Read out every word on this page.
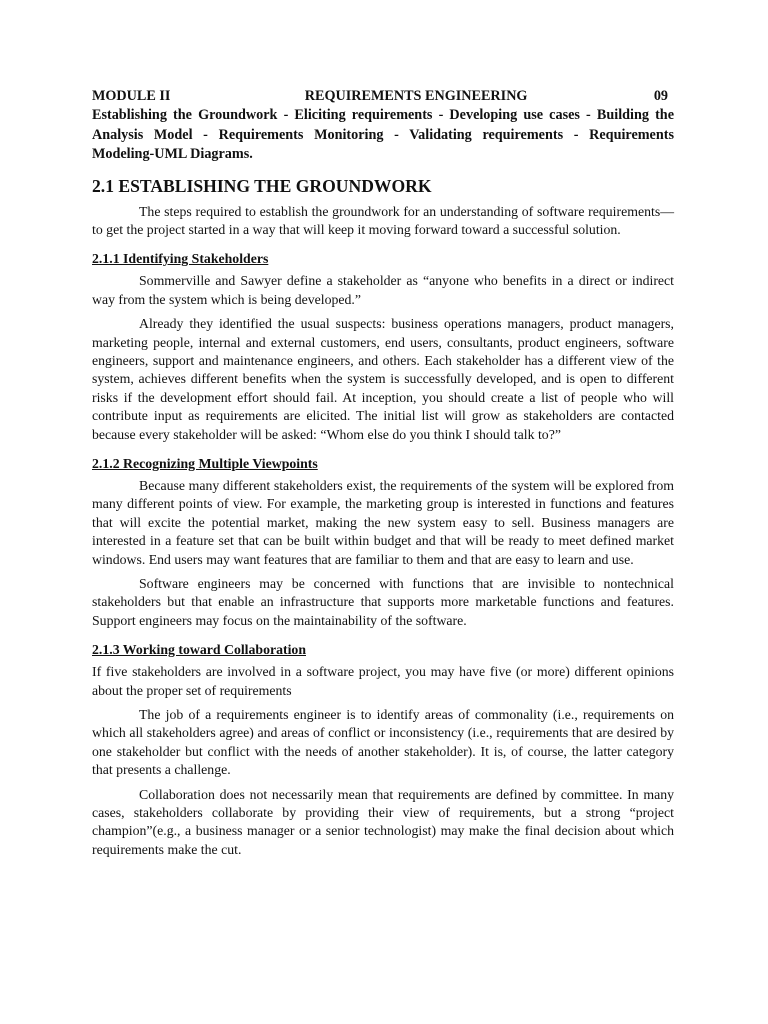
MODULE II	REQUIREMENTS ENGINEERING	09
Establishing the Groundwork - Eliciting requirements - Developing use cases - Building the Analysis Model - Requirements Monitoring - Validating requirements - Requirements Modeling-UML Diagrams.
2.1 ESTABLISHING THE GROUNDWORK

The steps required to establish the groundwork for an understanding of software requirements—to get the project started in a way that will keep it moving forward toward a successful solution.

2.1.1 Identifying Stakeholders

Sommerville and Sawyer define a stakeholder as “anyone who benefits in a direct or indirect way from the system which is being developed.”

Already they identified the usual suspects: business operations managers, product managers, marketing people, internal and external customers, end users, consultants, product engineers, software engineers, support and maintenance engineers, and others. Each stakeholder has a different view of the system, achieves different benefits when the system is successfully developed, and is open to different risks if the development effort should fail. At inception, you should create a list of people who will contribute input as requirements are elicited. The initial list will grow as stakeholders are contacted because every stakeholder will be asked: “Whom else do you think I should talk to?”

2.1.2 Recognizing Multiple Viewpoints

Because many different stakeholders exist, the requirements of the system will be explored from many different points of view. For example, the marketing group is interested in functions and features that will excite the potential market, making the new system easy to sell. Business managers are interested in a feature set that can be built within budget and that will be ready to meet defined market windows. End users may want features that are familiar to them and that are easy to learn and use.

Software engineers may be concerned with functions that are invisible to nontechnical stakeholders but that enable an infrastructure that supports more marketable functions and features. Support engineers may focus on the maintainability of the software.

2.1.3 Working toward Collaboration

If five stakeholders are involved in a software project, you may have five (or more) different opinions about the proper set of requirements

The job of a requirements engineer is to identify areas of commonality (i.e., requirements on which all stakeholders agree) and areas of conflict or inconsistency (i.e., requirements that are desired by one stakeholder but conflict with the needs of another stakeholder). It is, of course, the latter category that presents a challenge.

Collaboration does not necessarily mean that requirements are defined by committee. In many cases, stakeholders collaborate by providing their view of requirements, but a strong “project champion”(e.g., a business manager or a senior technologist) may make the final decision about which requirements make the cut.
